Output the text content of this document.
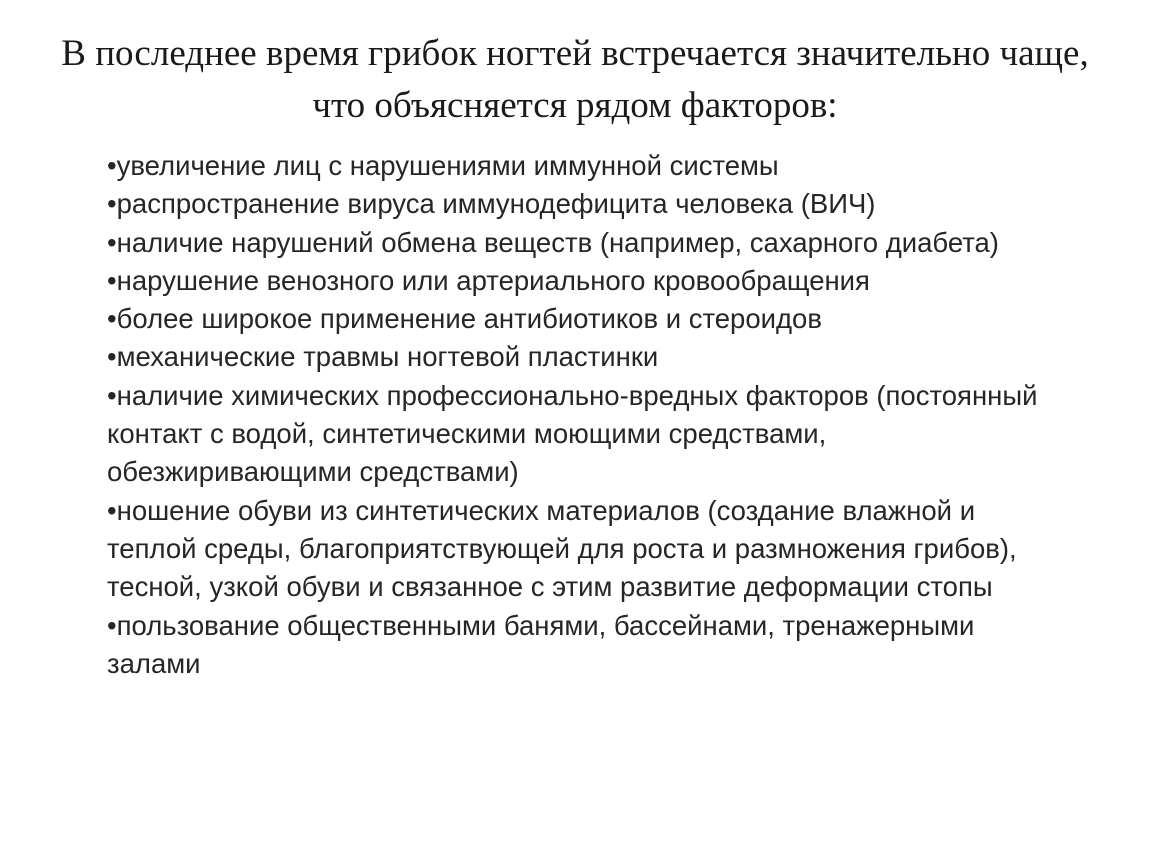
В последнее время грибок ногтей встречается значительно чаще, что объясняется рядом факторов:
•увеличение лиц с нарушениями иммунной системы
•распространение вируса иммунодефицита человека (ВИЧ)
•наличие нарушений обмена веществ (например, сахарного диабета)
•нарушение венозного или артериального кровообращения
•более широкое применение антибиотиков и стероидов
•механические травмы ногтевой пластинки
•наличие химических профессионально-вредных факторов (постоянный контакт с водой, синтетическими моющими средствами, обезжиривающими средствами)
•ношение обуви из синтетических материалов (создание влажной и теплой среды, благоприятствующей для роста и размножения грибов), тесной, узкой обуви и связанное с этим развитие деформации стопы
•пользование общественными банями, бассейнами, тренажерными залами
